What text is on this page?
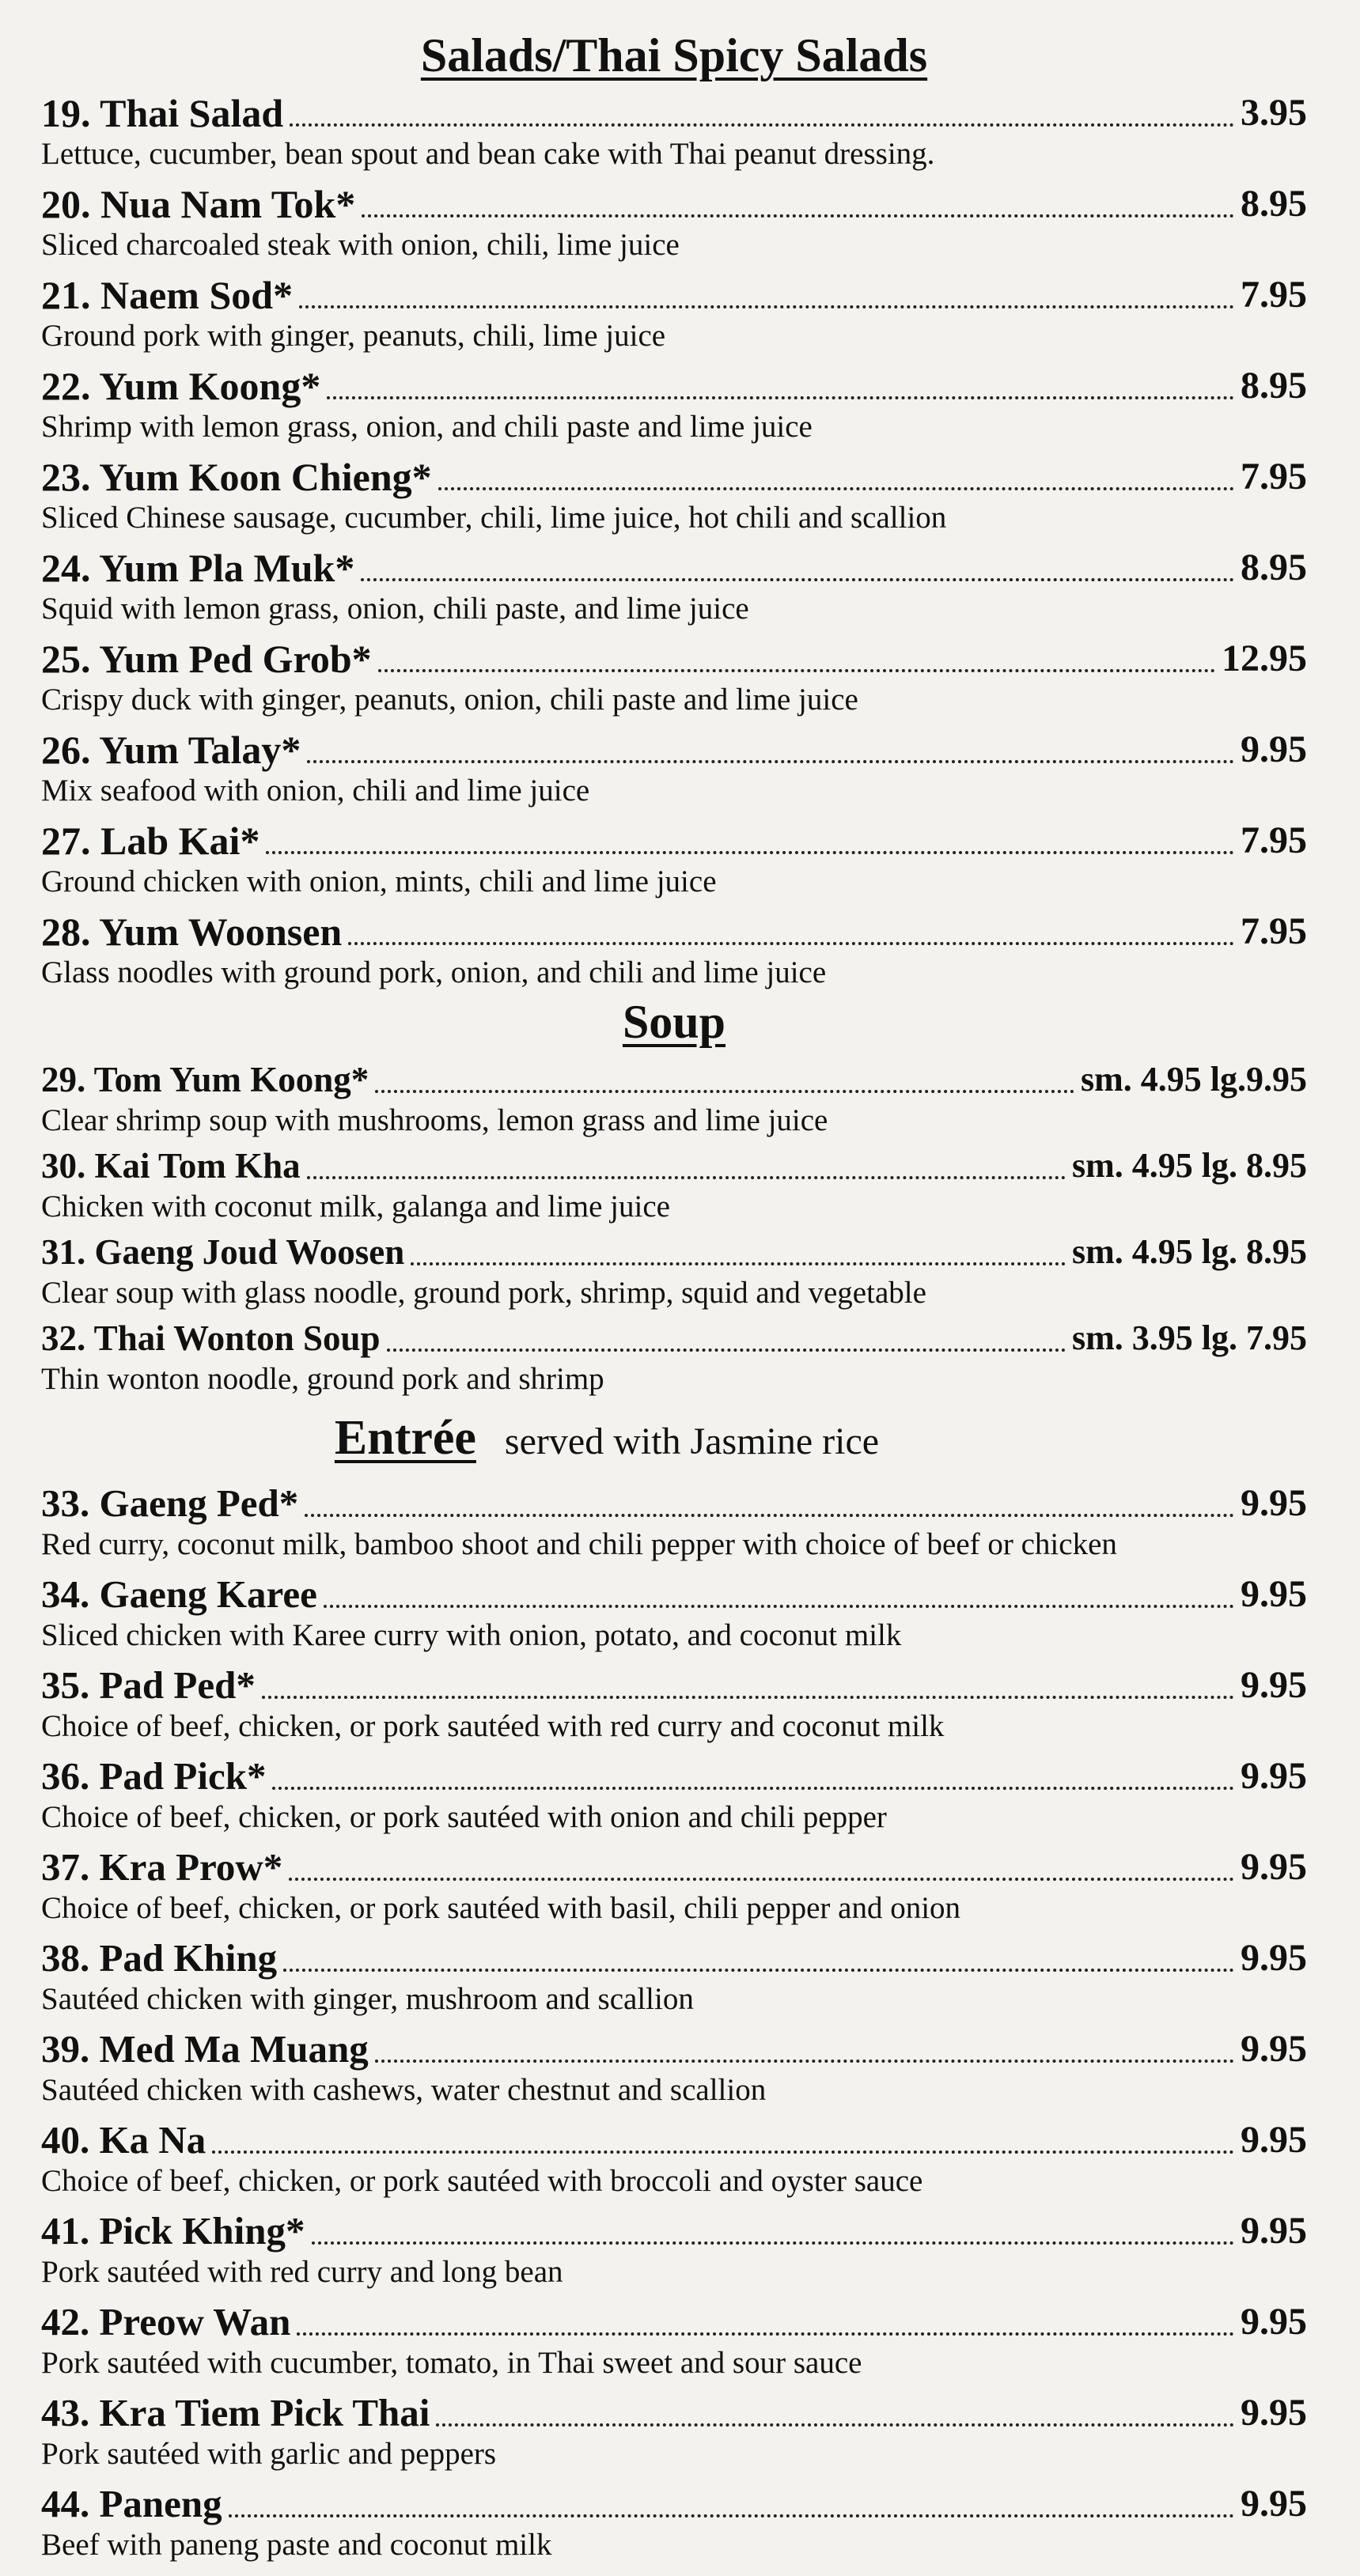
Salads/Thai Spicy Salads
19. Thai Salad	3.95
Lettuce, cucumber, bean spout and bean cake with Thai peanut dressing.
20. Nua Nam Tok*	8.95
Sliced charcoaled steak with onion, chili, lime juice
21. Naem Sod*	7.95
Ground pork with ginger, peanuts, chili, lime juice
22. Yum Koong*	8.95
Shrimp with lemon grass, onion, and chili paste and lime juice
23. Yum Koon Chieng*	7.95
Sliced Chinese sausage, cucumber, chili, lime juice, hot chili and scallion
24. Yum Pla Muk*	8.95
Squid with lemon grass, onion, chili paste, and lime juice
25. Yum Ped Grob*	12.95
Crispy duck with ginger, peanuts, onion, chili paste and lime juice
26. Yum Talay*	9.95
Mix seafood with onion, chili and lime juice
27. Lab Kai*	7.95
Ground chicken with onion, mints, chili and lime juice
28. Yum Woonsen	7.95
Glass noodles with ground pork, onion, and chili and lime juice
Soup
29. Tom Yum Koong*	sm. 4.95 lg.9.95
Clear shrimp soup with mushrooms, lemon grass and lime juice
30. Kai Tom Kha	sm. 4.95 lg. 8.95
Chicken with coconut milk, galanga and lime juice
31. Gaeng Joud Woosen	sm. 4.95 lg. 8.95
Clear soup with glass noodle, ground pork, shrimp, squid and vegetable
32. Thai Wonton Soup	sm. 3.95 lg. 7.95
Thin wonton noodle, ground pork and shrimp
Entrée served with Jasmine rice
33. Gaeng Ped*	9.95
Red curry, coconut milk, bamboo shoot and chili pepper with choice of beef or chicken
34. Gaeng Karee	9.95
Sliced chicken with Karee curry with onion, potato, and coconut milk
35. Pad Ped*	9.95
Choice of beef, chicken, or pork sautéed with red curry and coconut milk
36. Pad Pick*	9.95
Choice of beef, chicken, or pork sautéed with onion and chili pepper
37. Kra Prow*	9.95
Choice of beef, chicken, or pork sautéed with basil, chili pepper and onion
38. Pad Khing	9.95
Sautéed chicken with ginger, mushroom and scallion
39. Med Ma Muang	9.95
Sautéed chicken with cashews, water chestnut and scallion
40. Ka Na	9.95
Choice of beef, chicken, or pork sautéed with broccoli and oyster sauce
41. Pick Khing*	9.95
Pork sautéed with red curry and long bean
42. Preow Wan	9.95
Pork sautéed with cucumber, tomato, in Thai sweet and sour sauce
43. Kra Tiem Pick Thai	9.95
Pork sautéed with garlic and peppers
44. Paneng	9.95
Beef with paneng paste and coconut milk
